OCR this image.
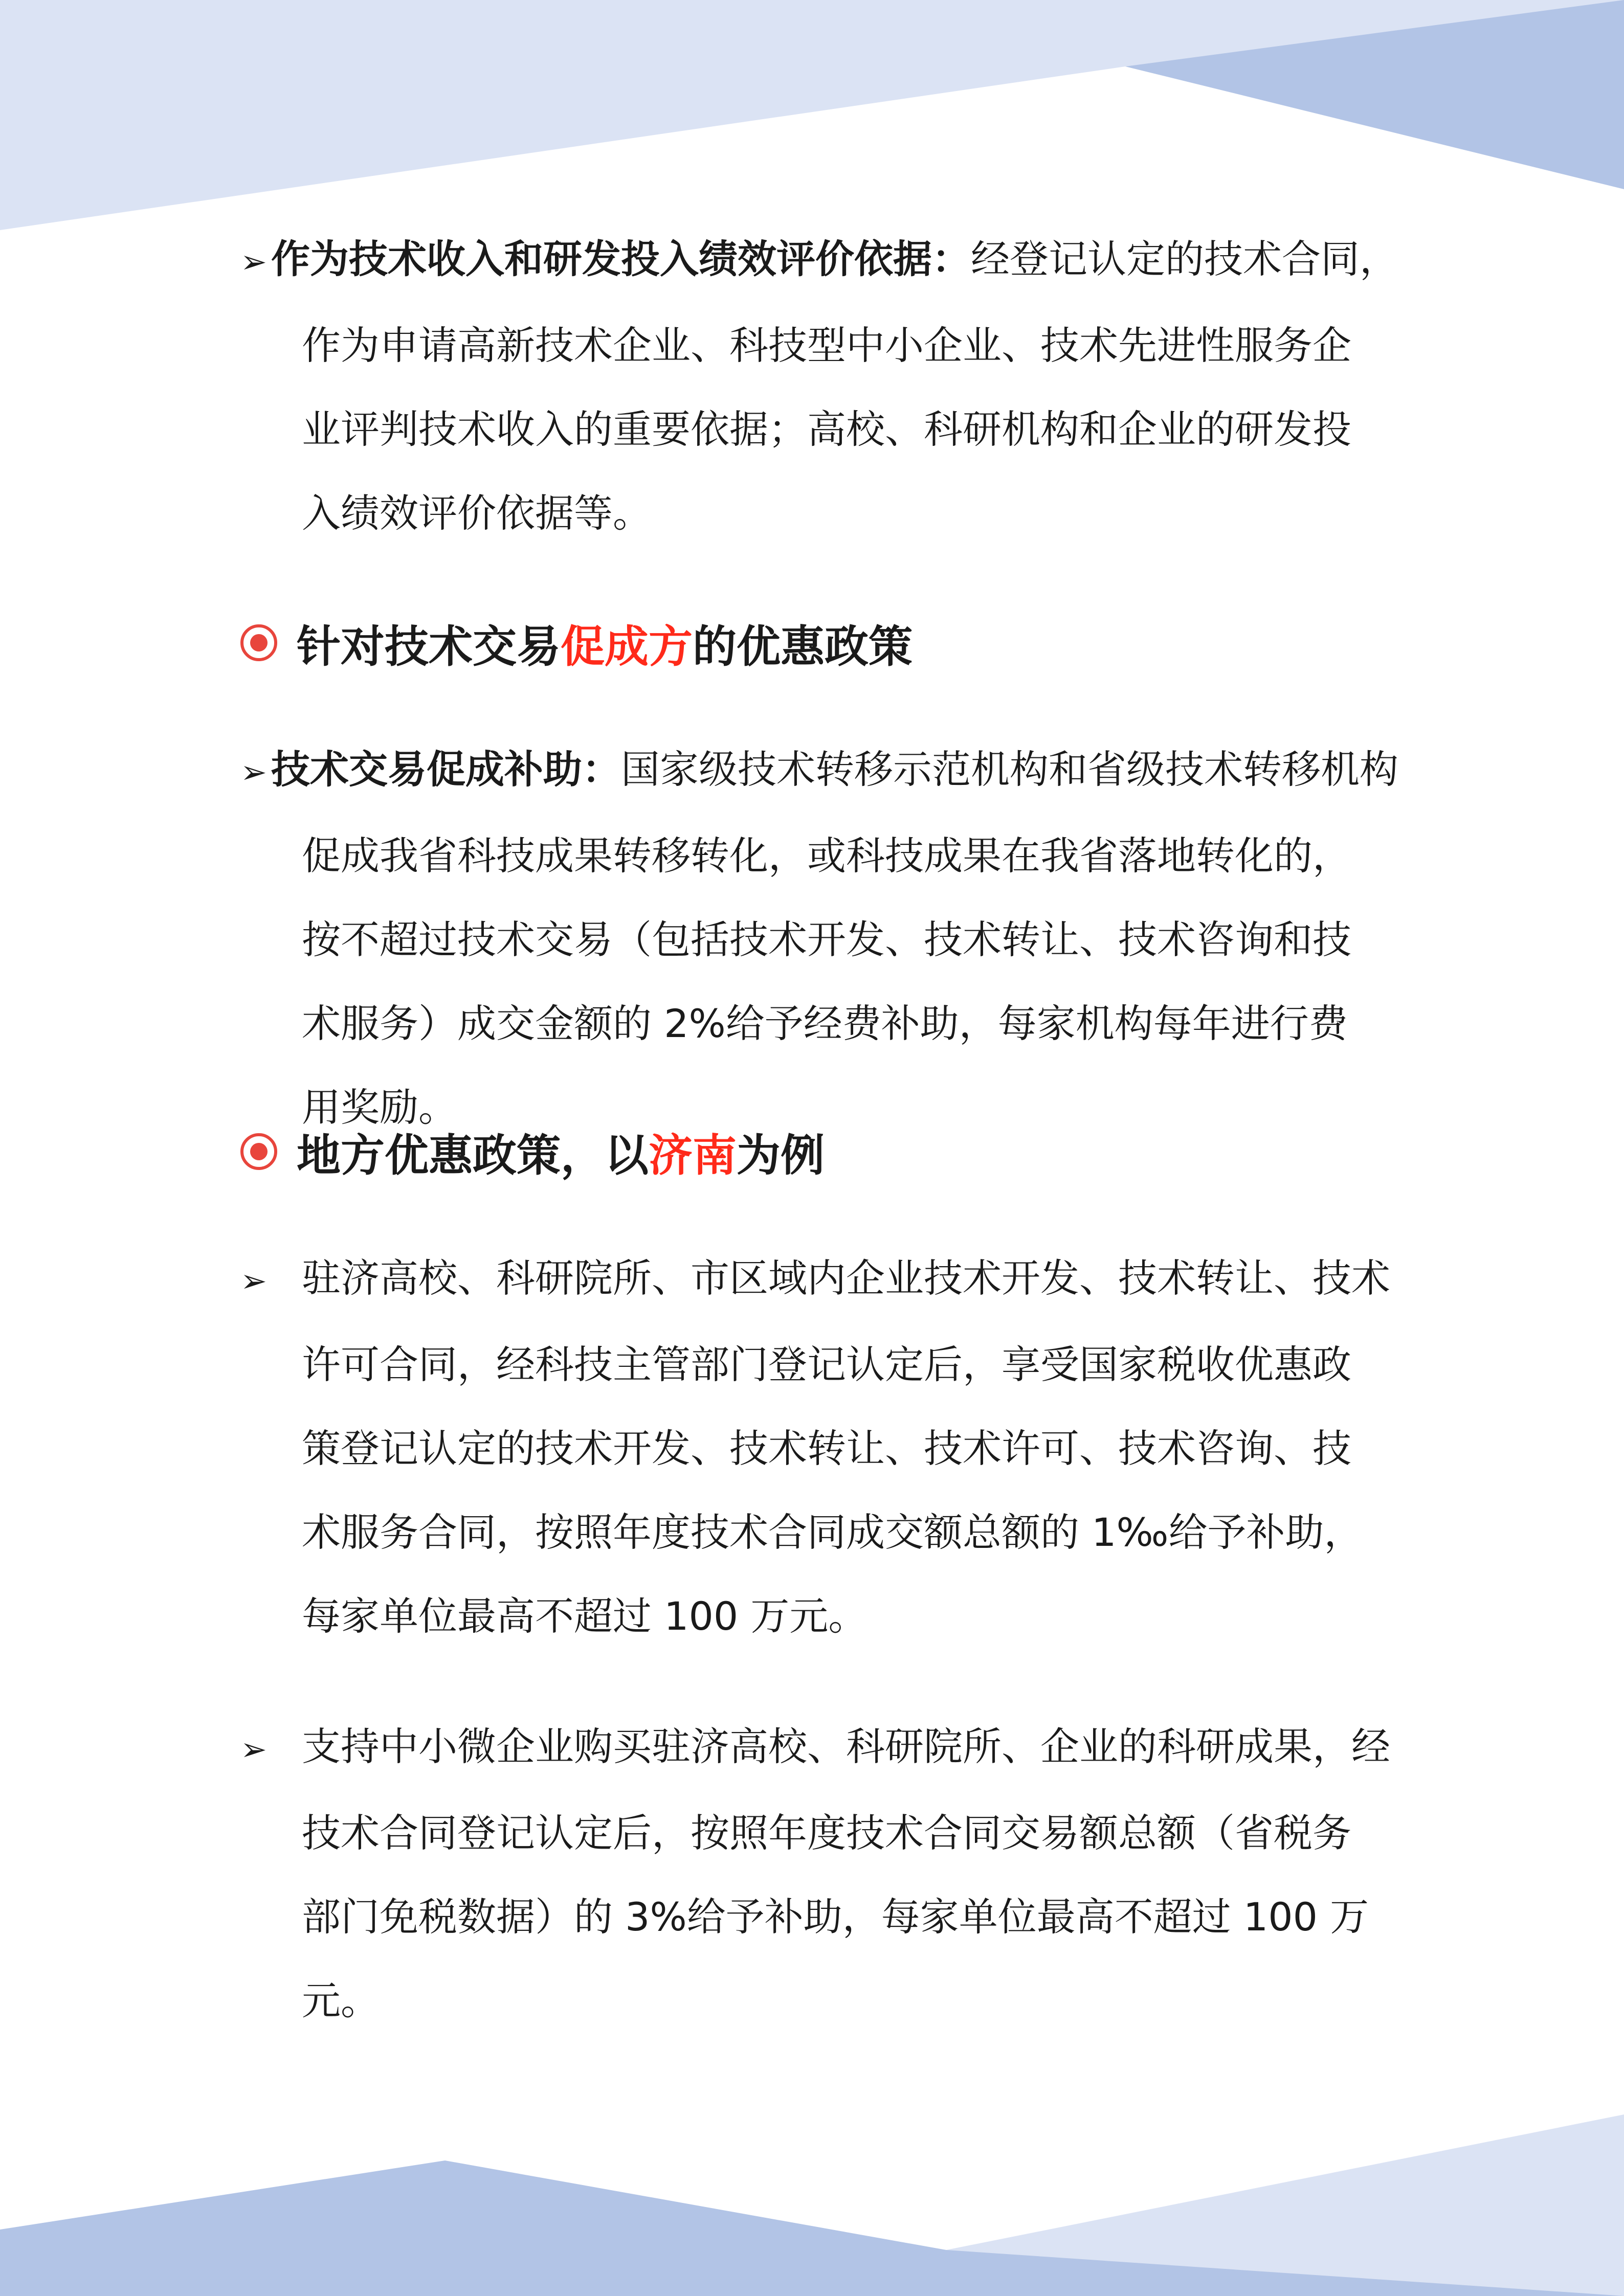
➢ 作为技术收入和研发投入绩效评价依据：经登记认定的技术合同，
作为申请高新技术企业、科技型中小企业、技术先进性服务企业评判技术收入的重要依据；高校、科研机构和企业的研发投入绩效评价依据等。
针对技术交易 促成方 的优惠政策
➢ 技术交易促成补助：国家级技术转移示范机构和省级技术转移机构
促成我省科技成果转移转化，或科技成果在我省落地转化的，按不超过技术交易（包括技术开发、技术转让、技术咨询和技术服务）成交金额的 2%给予经费补助，每家机构每年进行费用奖励。
地方优惠政策，以 济南 为例
➢ 驻济高校、科研院所、市区域内企业技术开发、技术转让、技术
许可合同，经科技主管部门登记认定后，享受国家税收优惠政策登记认定的技术开发、技术转让、技术许可、技术咨询、技术服务合同，按照年度技术合同成交额总额的 1‰给予补助，每家单位最高不超过 100 万元。
➢ 支持中小微企业购买驻济高校、科研院所、企业的科研成果，经
技术合同登记认定后，按照年度技术合同交易额总额（省税务部门免税数据）的 3%给予补助，每家单位最高不超过 100 万元。
